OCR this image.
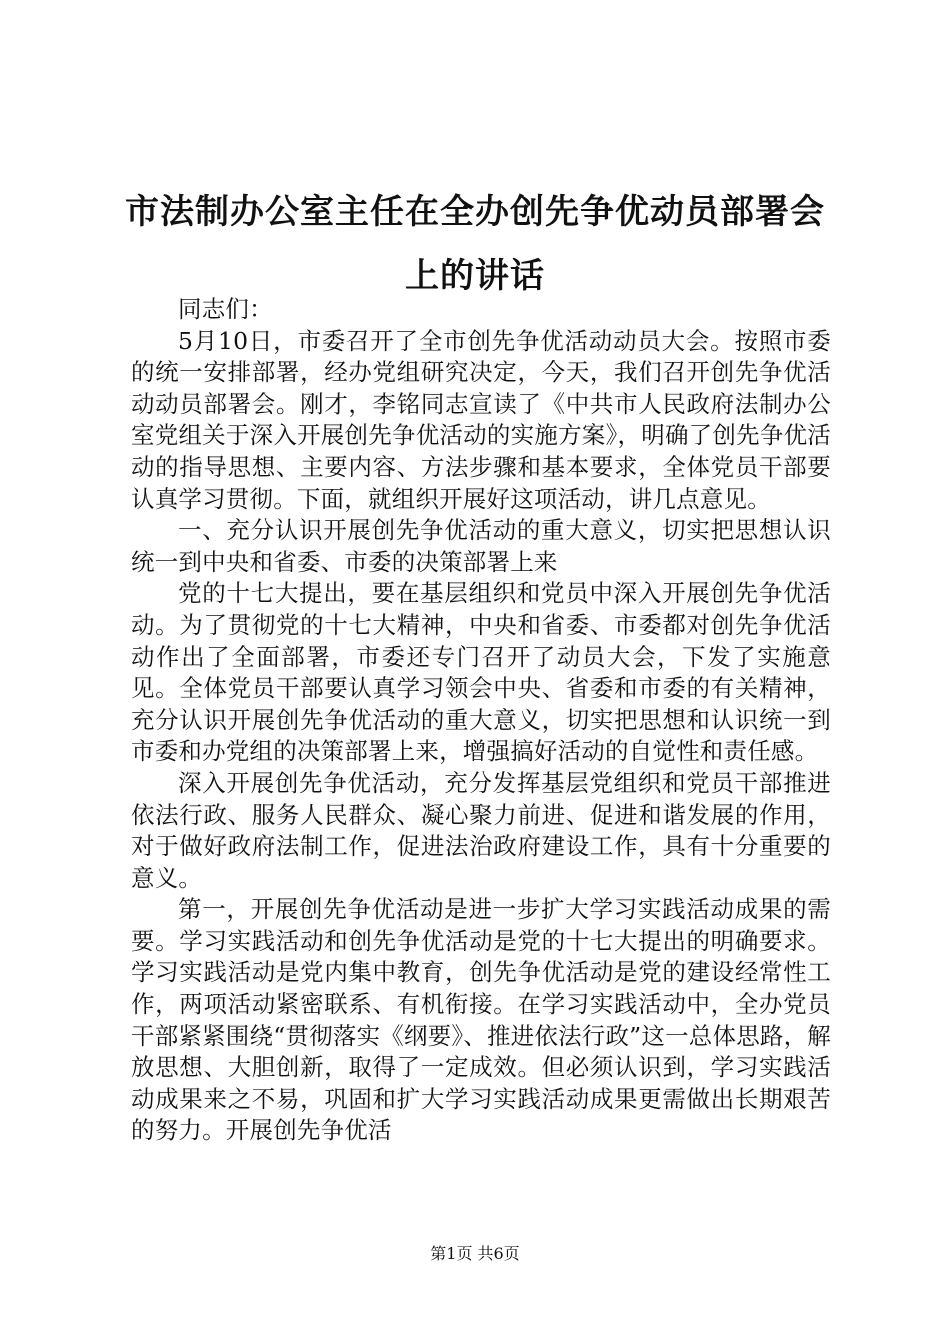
市法制办公室主任在全办创先争优动员部署会上的讲话

同志们：

5月10日，市委召开了全市创先争优活动动员大会。按照市委的统一安排部署，经办党组研究决定，今天，我们召开创先争优活动动员部署会。刚才，李铭同志宣读了《中共市人民政府法制办公室党组关于深入开展创先争优活动的实施方案》，明确了创先争优活动的指导思想、主要内容、方法步骤和基本要求，全体党员干部要认真学习贯彻。下面，就组织开展好这项活动，讲几点意见。

一、充分认识开展创先争优活动的重大意义，切实把思想认识统一到中央和省委、市委的决策部署上来

党的十七大提出，要在基层组织和党员中深入开展创先争优活动。为了贯彻党的十七大精神，中央和省委、市委都对创先争优活动作出了全面部署，市委还专门召开了动员大会，下发了实施意见。全体党员干部要认真学习领会中央、省委和市委的有关精神，充分认识开展创先争优活动的重大意义，切实把思想和认识统一到市委和办党组的决策部署上来，增强搞好活动的自觉性和责任感。

深入开展创先争优活动，充分发挥基层党组织和党员干部推进依法行政、服务人民群众、凝心聚力前进、促进和谐发展的作用，对于做好政府法制工作，促进法治政府建设工作，具有十分重要的意义。

第一，开展创先争优活动是进一步扩大学习实践活动成果的需要。学习实践活动和创先争优活动是党的十七大提出的明确要求。学习实践活动是党内集中教育，创先争优活动是党的建设经常性工作，两项活动紧密联系、有机衔接。在学习实践活动中，全办党员干部紧紧围绕“贯彻落实《纲要》、推进依法行政”这一总体思路，解放思想、大胆创新，取得了一定成效。但必须认识到，学习实践活动成果来之不易，巩固和扩大学习实践活动成果更需做出长期艰苦的努力。开展创先争优活

第1页 共6页
